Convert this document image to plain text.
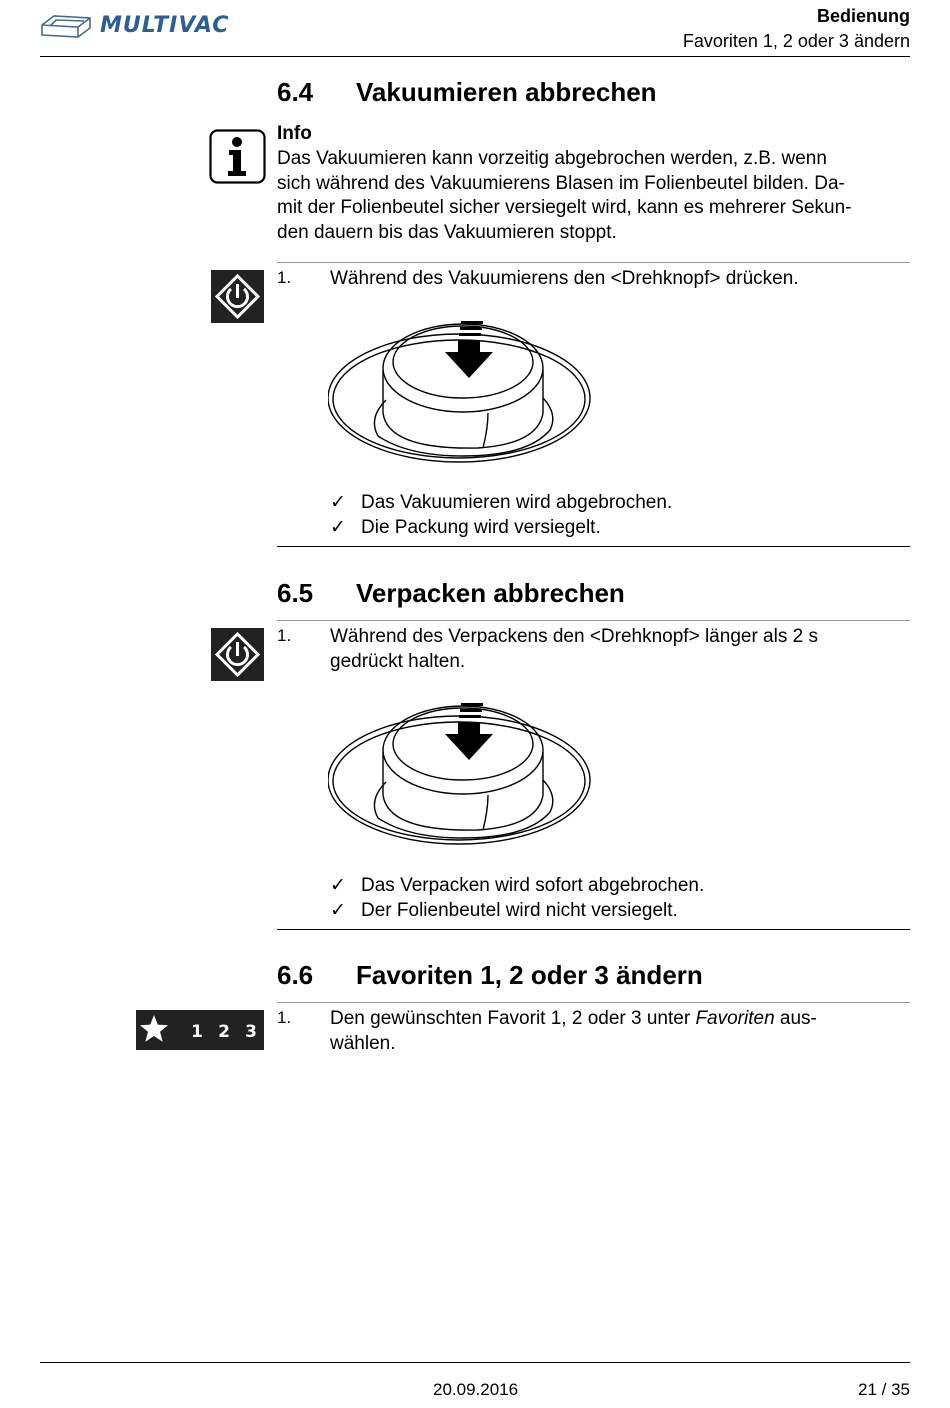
MULTIVAC	Bedienung
Favoriten 1, 2 oder 3 ändern
6.4 Vakuumieren abbrechen
Info
Das Vakuumieren kann vorzeitig abgebrochen werden, z.B. wenn
sich während des Vakuumierens Blasen im Folienbeutel bilden. Da-
mit der Folienbeutel sicher versiegelt wird, kann es mehrerer Sekun-
den dauern bis das Vakuumieren stoppt.
1. Während des Vakuumierens den <Drehknopf> drücken.
✓ Das Vakuumieren wird abgebrochen.
✓ Die Packung wird versiegelt.
6.5 Verpacken abbrechen
1. Während des Verpackens den <Drehknopf> länger als 2 s
gedrückt halten.
✓ Das Verpacken wird sofort abgebrochen.
✓ Der Folienbeutel wird nicht versiegelt.
6.6 Favoriten 1, 2 oder 3 ändern
1 2 3
1. Den gewünschten Favorit 1, 2 oder 3 unter Favoriten aus-
wählen.
20.09.2016	21 / 35
